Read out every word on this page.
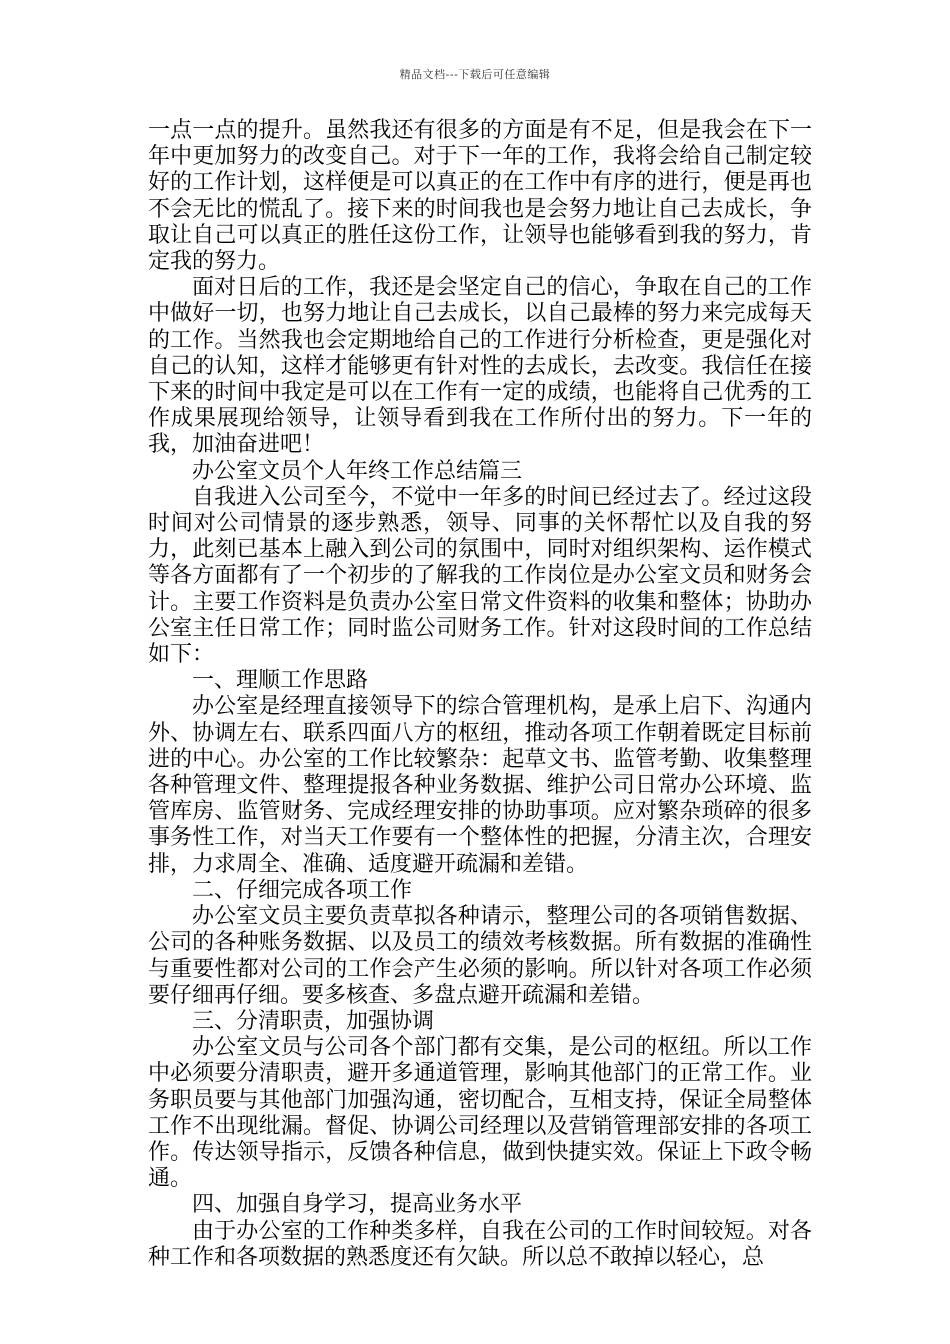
精品文档---下载后可任意编辑

一点一点的提升。虽然我还有很多的方面是有不足，但是我会在下一年中更加努力的改变自己。对于下一年的工作，我将会给自己制定较好的工作计划，这样便是可以真正的在工作中有序的进行，便是再也不会无比的慌乱了。接下来的时间我也是会努力地让自己去成长，争取让自己可以真正的胜任这份工作，让领导也能够看到我的努力，肯定我的努力。

面对日后的工作，我还是会坚定自己的信心，争取在自己的工作中做好一切，也努力地让自己去成长，以自己最棒的努力来完成每天的工作。当然我也会定期地给自己的工作进行分析检查，更是强化对自己的认知，这样才能够更有针对性的去成长，去改变。我信任在接下来的时间中我定是可以在工作有一定的成绩，也能将自己优秀的工作成果展现给领导，让领导看到我在工作所付出的努力。下一年的我，加油奋进吧！

办公室文员个人年终工作总结篇三

自我进入公司至今，不觉中一年多的时间已经过去了。经过这段时间对公司情景的逐步熟悉，领导、同事的关怀帮忙以及自我的努力，此刻已基本上融入到公司的氛围中，同时对组织架构、运作模式等各方面都有了一个初步的了解我的工作岗位是办公室文员和财务会计。主要工作资料是负责办公室日常文件资料的收集和整体；协助办公室主任日常工作；同时监公司财务工作。针对这段时间的工作总结如下：

一、理顺工作思路

办公室是经理直接领导下的综合管理机构，是承上启下、沟通内外、协调左右、联系四面八方的枢纽，推动各项工作朝着既定目标前进的中心。办公室的工作比较繁杂：起草文书、监管考勤、收集整理各种管理文件、整理提报各种业务数据、维护公司日常办公环境、监管库房、监管财务、完成经理安排的协助事项。应对繁杂琐碎的很多事务性工作，对当天工作要有一个整体性的把握，分清主次，合理安排，力求周全、准确、适度避开疏漏和差错。

二、仔细完成各项工作

办公室文员主要负责草拟各种请示，整理公司的各项销售数据、公司的各种账务数据、以及员工的绩效考核数据。所有数据的准确性与重要性都对公司的工作会产生必须的影响。所以针对各项工作必须要仔细再仔细。要多核查、多盘点避开疏漏和差错。

三、分清职责，加强协调

办公室文员与公司各个部门都有交集，是公司的枢纽。所以工作中必须要分清职责，避开多通道管理，影响其他部门的正常工作。业务职员要与其他部门加强沟通，密切配合，互相支持，保证全局整体工作不出现纰漏。督促、协调公司经理以及营销管理部安排的各项工作。传达领导指示，反馈各种信息，做到快捷实效。保证上下政令畅通。

四、加强自身学习，提高业务水平

由于办公室的工作种类多样，自我在公司的工作时间较短。对各种工作和各项数据的熟悉度还有欠缺。所以总不敢掉以轻心，总
